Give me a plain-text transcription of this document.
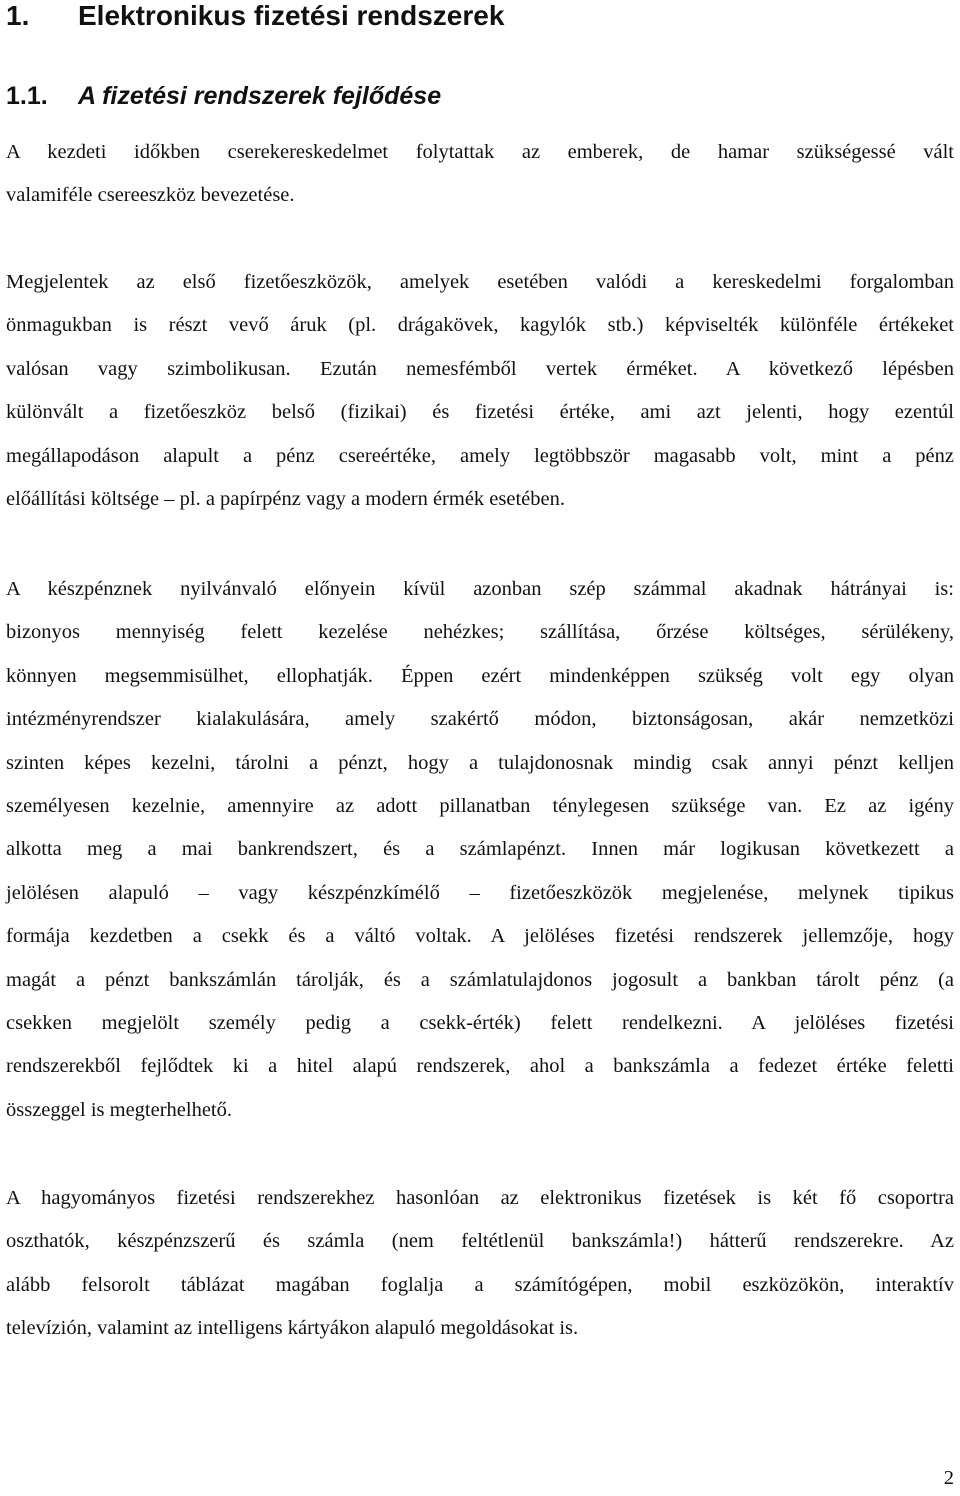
1. Elektronikus fizetési rendszerek
1.1. A fizetési rendszerek fejlődése

A kezdeti időkben cserekereskedelmet folytattak az emberek, de hamar szükségessé vált
valamiféle csereeszköz bevezetése.

Megjelentek az első fizetőeszközök, amelyek esetében valódi a kereskedelmi forgalomban
önmagukban is részt vevő áruk (pl. drágakövek, kagylók stb.) képviselték különféle értékeket
valósan vagy szimbolikusan. Ezután nemesfémből vertek érméket. A következő lépésben
különvált a fizetőeszköz belső (fizikai) és fizetési értéke, ami azt jelenti, hogy ezentúl
megállapodáson alapult a pénz csereértéke, amely legtöbbször magasabb volt, mint a pénz
előállítási költsége – pl. a papírpénz vagy a modern érmék esetében.

A készpénznek nyilvánvaló előnyein kívül azonban szép számmal akadnak hátrányai is:
bizonyos mennyiség felett kezelése nehézkes; szállítása, őrzése költséges, sérülékeny,
könnyen megsemmisülhet, ellophatják. Éppen ezért mindenképpen szükség volt egy olyan
intézményrendszer kialakulására, amely szakértő módon, biztonságosan, akár nemzetközi
szinten képes kezelni, tárolni a pénzt, hogy a tulajdonosnak mindig csak annyi pénzt kelljen
személyesen kezelnie, amennyire az adott pillanatban ténylegesen szüksége van. Ez az igény
alkotta meg a mai bankrendszert, és a számlapénzt. Innen már logikusan következett a
jelölésen alapuló – vagy készpénzkímélő – fizetőeszközök megjelenése, melynek tipikus
formája kezdetben a csekk és a váltó voltak. A jelöléses fizetési rendszerek jellemzője, hogy
magát a pénzt bankszámlán tárolják, és a számlatulajdonos jogosult a bankban tárolt pénz (a
csekken megjelölt személy pedig a csekk-érték) felett rendelkezni. A jelöléses fizetési
rendszerekből fejlődtek ki a hitel alapú rendszerek, ahol a bankszámla a fedezet értéke feletti
összeggel is megterhelhető.

A hagyományos fizetési rendszerekhez hasonlóan az elektronikus fizetések is két fő csoportra
oszthatók, készpénzszerű és számla (nem feltétlenül bankszámla!) hátterű rendszerekre. Az
alább felsorolt táblázat magában foglalja a számítógépen, mobil eszközökön, interaktív
televízión, valamint az intelligens kártyákon alapuló megoldásokat is.

2
